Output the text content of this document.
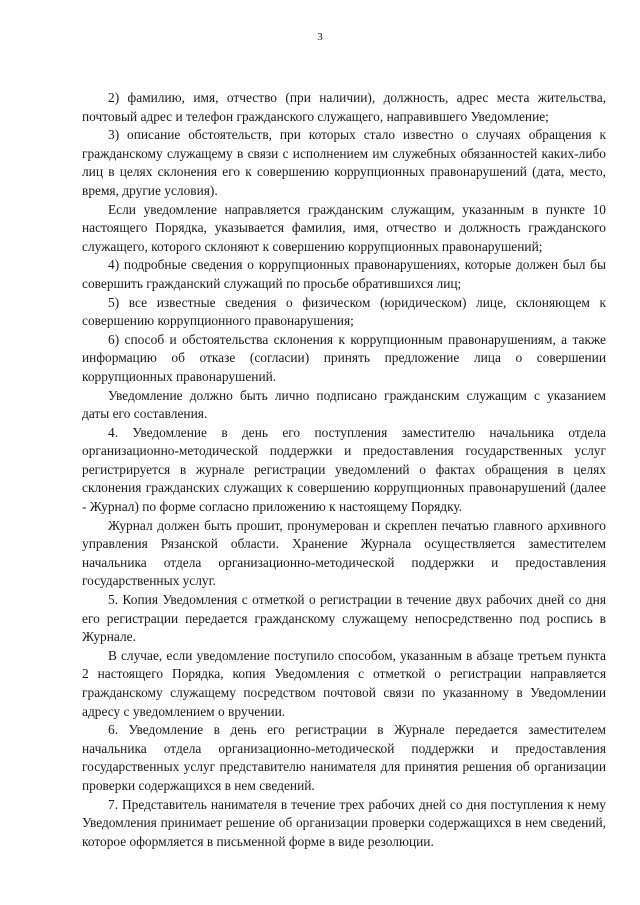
3

2) фамилию, имя, отчество (при наличии), должность, адрес места жительства, почтовый адрес и телефон гражданского служащего, направившего Уведомление;

3) описание обстоятельств, при которых стало известно о случаях обращения к гражданскому служащему в связи с исполнением им служебных обязанностей каких-либо лиц в целях склонения его к совершению коррупционных правонарушений (дата, место, время, другие условия).

Если уведомление направляется гражданским служащим, указанным в пункте 10 настоящего Порядка, указывается фамилия, имя, отчество и должность гражданского служащего, которого склоняют к совершению коррупционных правонарушений;

4) подробные сведения о коррупционных правонарушениях, которые должен был бы совершить гражданский служащий по просьбе обратившихся лиц;

5) все известные сведения о физическом (юридическом) лице, склоняющем к совершению коррупционного правонарушения;

6) способ и обстоятельства склонения к коррупционным правонарушениям, а также информацию об отказе (согласии) принять предложение лица о совершении коррупционных правонарушений.

Уведомление должно быть лично подписано гражданским служащим с указанием даты его составления.

4. Уведомление в день его поступления заместителю начальника отдела организационно-методической поддержки и предоставления государственных услуг регистрируется в журнале регистрации уведомлений о фактах обращения в целях склонения гражданских служащих к совершению коррупционных правонарушений (далее - Журнал) по форме согласно приложению к настоящему Порядку.

Журнал должен быть прошит, пронумерован и скреплен печатью главного архивного управления Рязанской области. Хранение Журнала осуществляется заместителем начальника отдела организационно-методической поддержки и предоставления государственных услуг.

5. Копия Уведомления с отметкой о регистрации в течение двух рабочих дней со дня его регистрации передается гражданскому служащему непосредственно под роспись в Журнале.

В случае, если уведомление поступило способом, указанным в абзаце третьем пункта 2 настоящего Порядка, копия Уведомления с отметкой о регистрации направляется гражданскому служащему посредством почтовой связи по указанному в Уведомлении адресу с уведомлением о вручении.

6. Уведомление в день его регистрации в Журнале передается заместителем начальника отдела организационно-методической поддержки и предоставления государственных услуг представителю нанимателя для принятия решения об организации проверки содержащихся в нем сведений.

7. Представитель нанимателя в течение трех рабочих дней со дня поступления к нему Уведомления принимает решение об организации проверки содержащихся в нем сведений, которое оформляется в письменной форме в виде резолюции.
